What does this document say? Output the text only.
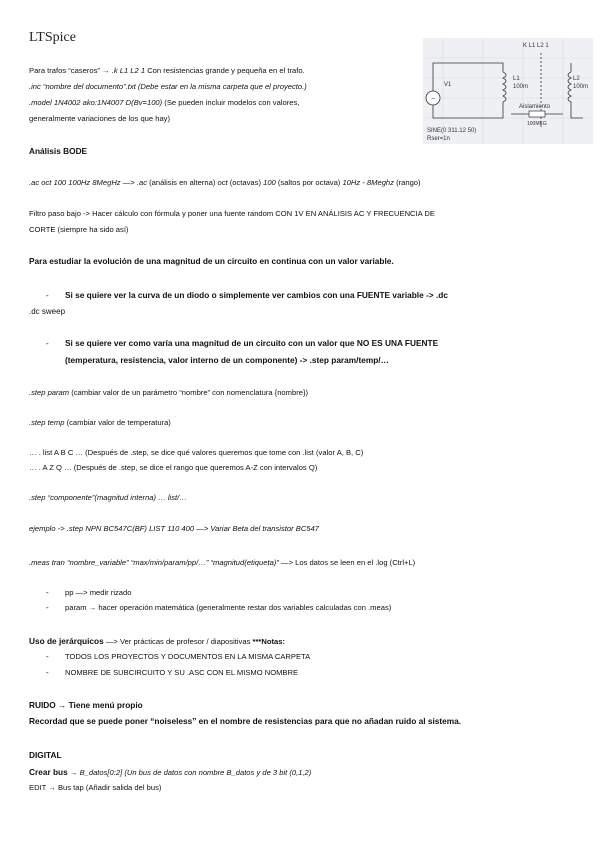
LTSpice
Para trafos “caseros” → .k L1 L2 1 Con resistencias grande y pequeña en el trafo.
.inc “nombre del documento”.txt (Debe estar en la misma carpeta que el proyecto.)
.model 1N4002 ako:1N4007 D(Bv=100) (Se pueden incluir modelos con valores,
generalmente variaciones de los que hay)
K L1 L2 1
~
V1
L1
100m
L2
100m
Aislamiento
100MEG
SINE(0 311.12 50)
Rser=1n
Análisis BODE
.ac oct 100 100Hz 8MegHz —> .ac (análisis en alterna) oct (octavas) 100 (saltos por octava) 10Hz - 8Meghz (rango)
Filtro paso bajo -> Hacer cálculo con fórmula y poner una fuente random CON 1V EN ANÁLISIS AC Y FRECUENCIA DE
CORTE (siempre ha sido así)
Para estudiar la evolución de una magnitud de un circuito en continua con un valor variable.
- Si se quiere ver la curva de un diodo o simplemente ver cambios con una FUENTE variable -> .dc
.dc sweep
- Si se quiere ver como varía una magnitud de un circuito con un valor que NO ES UNA FUENTE
(temperatura, resistencia, valor interno de un componente) -> .step param/temp/…
.step param (cambiar valor de un parámetro “nombre” con nomenclatura {nombre})
.step temp (cambiar valor de temperatura)
… . list A B C … (Después de .step, se dice qué valores queremos que tome con .list (valor A, B, C)
… . A Z Q … (Después de .step, se dice el rango que queremos A-Z con intervalos Q)
.step “componente”(magnitud interna) … list/…
ejemplo -> .step NPN BC547C(BF) LIST 110 400 —> Variar Beta del transistor BC547
.meas tran “nombre_variable” “max/min/param/pp/…” “magnitud(etiqueta)” —> Los datos se leen en el .log (Ctrl+L)
- pp —> medir rizado
- param → hacer operación matemática (generalmente restar dos variables calculadas con .meas)
Uso de jerárquicos —> Ver prácticas de profesor / diapositivas ***Notas:
- TODOS LOS PROYECTOS Y DOCUMENTOS EN LA MISMA CARPETA
- NOMBRE DE SUBCIRCUITO Y SU .ASC CON EL MISMO NOMBRE
RUIDO → Tiene menú propio
Recordad que se puede poner “noiseless” en el nombre de resistencias para que no añadan ruido al sistema.
DIGITAL
Crear bus → B_datos[0:2] (Un bus de datos con nombre B_datos y de 3 bit (0,1,2)
EDIT → Bus tap (Añadir salida del bus)
